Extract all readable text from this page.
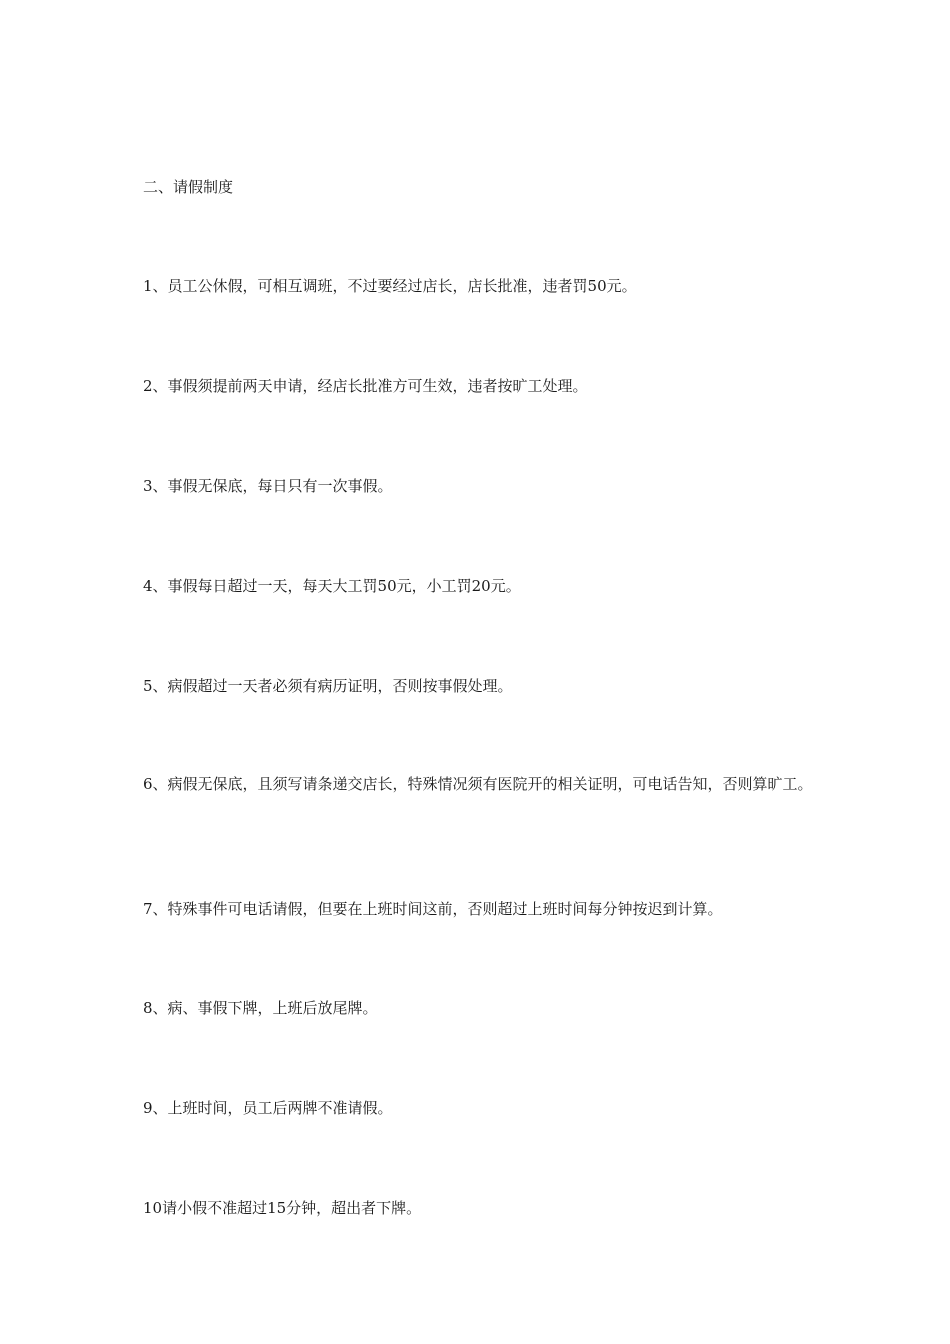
二、请假制度
1、员工公休假，可相互调班，不过要经过店长，店长批准，违者罚50元。
2、事假须提前两天申请，经店长批准方可生效，违者按旷工处理。
3、事假无保底，每日只有一次事假。
4、事假每日超过一天，每天大工罚50元，小工罚20元。
5、病假超过一天者必须有病历证明，否则按事假处理。
6、病假无保底，且须写请条递交店长，特殊情况须有医院开的相关证明，可电话告知，否则算旷工。
7、特殊事件可电话请假，但要在上班时间这前，否则超过上班时间每分钟按迟到计算。
8、病、事假下牌，上班后放尾牌。
9、上班时间，员工后两牌不准请假。
10请小假不准超过15分钟，超出者下牌。
